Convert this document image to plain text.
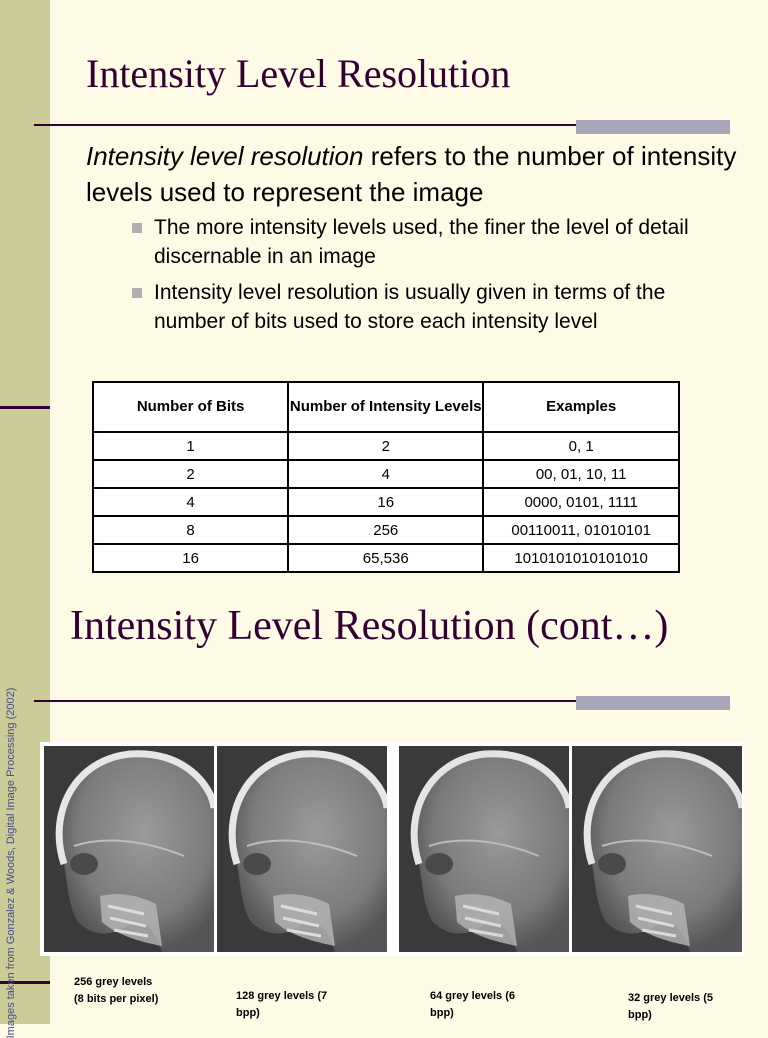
Intensity Level Resolution
Intensity level resolution refers to the number of intensity levels used to represent the image
The more intensity levels used, the finer the level of detail discernable in an image
Intensity level resolution is usually given in terms of the number of bits used to store each intensity level
Number of Bits	Number of Intensity Levels	Examples
1	2	0, 1
2	4	00, 01, 10, 11
4	16	0000, 0101, 1111
8	256	00110011, 01010101
16	65,536	1010101010101010
Images taken from Gonzalez & Woods, Digital Image Processing (2002)
Intensity Level Resolution (cont…)
256 grey levels (8 bits per pixel)	128 grey levels (7 bpp)
64 grey levels (6 bpp)
32 grey levels (5 bpp)
